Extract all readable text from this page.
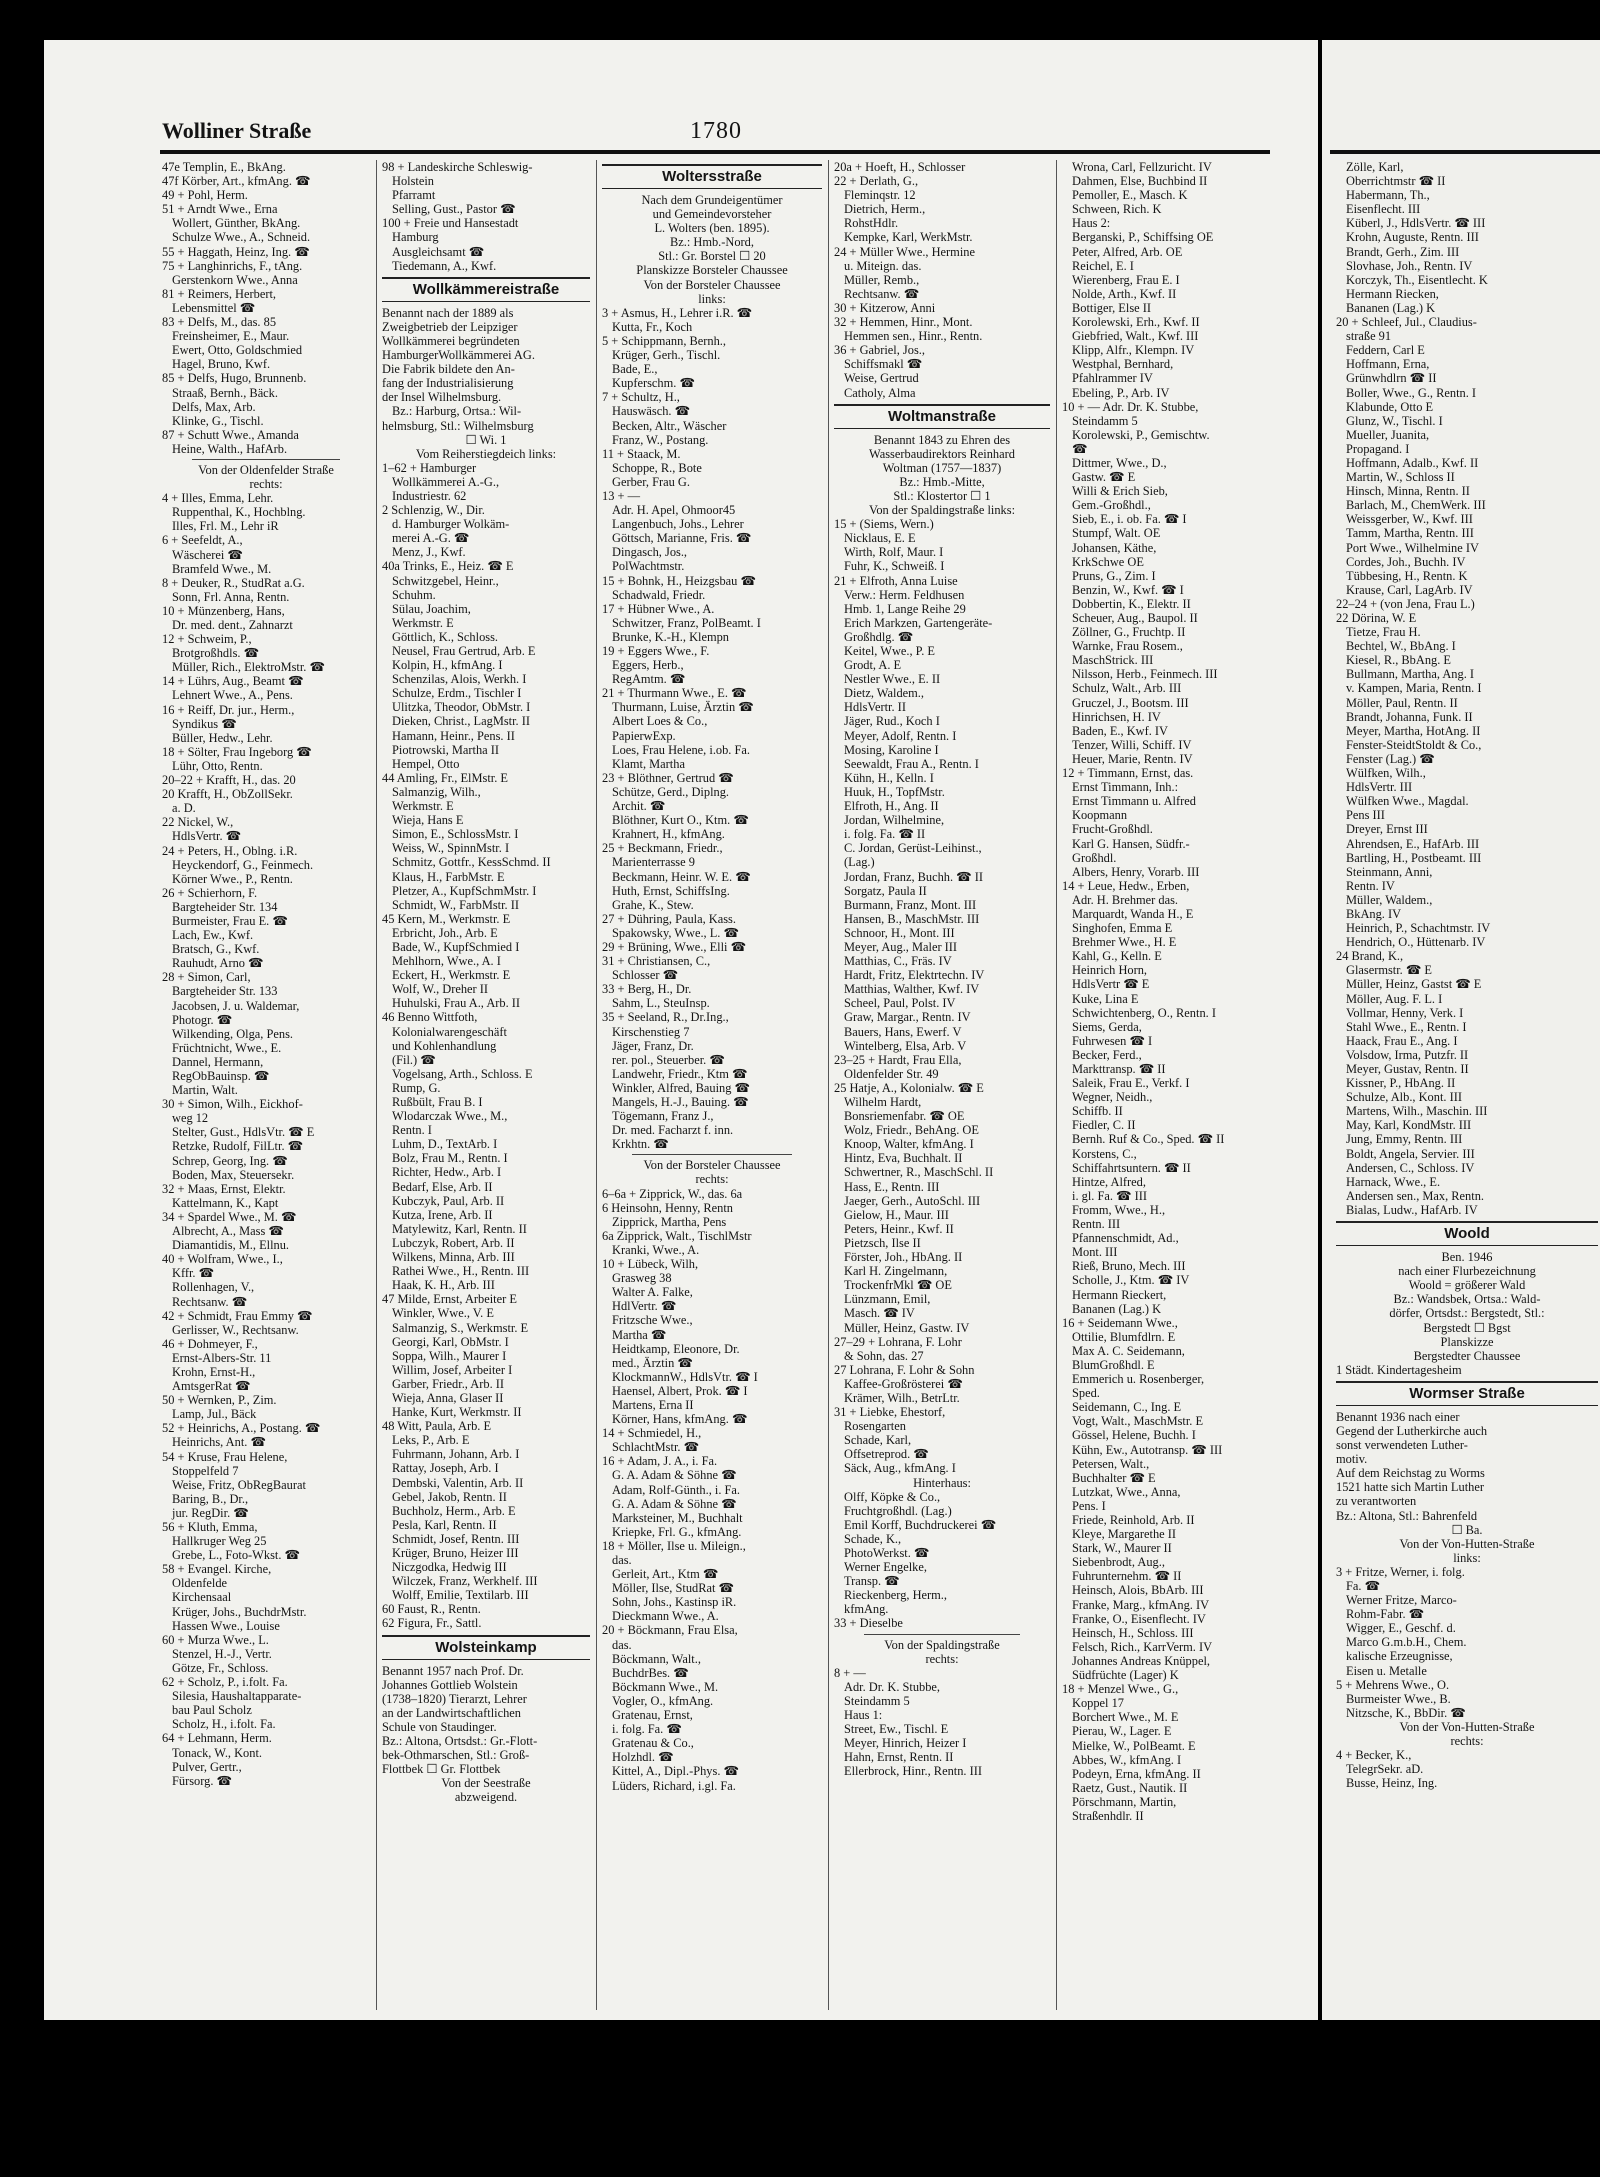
Wolliner Straße	1780
47e Templin, E., BkAng.
47f Körber, Art., kfmAng. ☎
49 + Pohl, Herm.
51 + Arndt Wwe., Erna
Wollert, Günther, BkAng.
Schulze Wwe., A., Schneid.
55 + Haggath, Heinz, Ing. ☎
75 + Langhinrichs, F., tAng.
Gerstenkorn Wwe., Anna
81 + Reimers, Herbert,
Lebensmittel ☎
83 + Delfs, M., das. 85
Freinsheimer, E., Maur.
Ewert, Otto, Goldschmied
Hagel, Bruno, Kwf.
85 + Delfs, Hugo, Brunnenb.
Straaß, Bernh., Bäck.
Delfs, Max, Arb.
Klinke, G., Tischl.
87 + Schutt Wwe., Amanda
Heine, Walth., HafArb.
Von der Oldenfelder Straße
rechts:
4 + Illes, Emma, Lehr.
Ruppenthal, K., Hochblng.
Illes, Frl. M., Lehr iR
6 + Seefeldt, A.,
Wäscherei ☎
Bramfeld Wwe., M.
8 + Deuker, R., StudRat a.G.
Sonn, Frl. Anna, Rentn.
10 + Münzenberg, Hans,
Dr. med. dent., Zahnarzt
12 + Schweim, P.,
Brotgroßhdls. ☎
Müller, Rich., ElektroMstr. ☎
14 + Lührs, Aug., Beamt ☎
Lehnert Wwe., A., Pens.
16 + Reiff, Dr. jur., Herm.,
Syndikus ☎
Büller, Hedw., Lehr.
18 + Sölter, Frau Ingeborg ☎
Lühr, Otto, Rentn.
20–22 + Krafft, H., das. 20
20 Krafft, H., ObZollSekr.
a. D.
22 Nickel, W.,
HdlsVertr. ☎
24 + Peters, H., Oblng. i.R.
Heyckendorf, G., Feinmech.
Körner Wwe., P., Rentn.
26 + Schierhorn, F.
Bargteheider Str. 134
Burmeister, Frau E. ☎
Lach, Ew., Kwf.
Bratsch, G., Kwf.
Rauhudt, Arno ☎
28 + Simon, Carl,
Bargteheider Str. 133
Jacobsen, J. u. Waldemar,
Photogr. ☎
Wilkending, Olga, Pens.
Früchtnicht, Wwe., E.
Dannel, Hermann,
RegObBauinsp. ☎
Martin, Walt.
30 + Simon, Wilh., Eickhof-
weg 12
Stelter, Gust., HdlsVtr. ☎ E
Retzke, Rudolf, FilLtr. ☎
Schrep, Georg, Ing. ☎
Boden, Max, Steuersekr.
32 + Maas, Ernst, Elektr.
Kattelmann, K., Kapt
34 + Spardel Wwe., M. ☎
Albrecht, A., Mass ☎
Diamantidis, M., Ellnu.
40 + Wolfram, Wwe., I.,
Kffr. ☎
Rollenhagen, V.,
Rechtsanw. ☎
42 + Schmidt, Frau Emmy ☎
Gerlisser, W., Rechtsanw.
46 + Dohmeyer, F.,
Ernst-Albers-Str. 11
Krohn, Ernst-H.,
AmtsgerRat ☎
50 + Wernken, P., Zim.
Lamp, Jul., Bäck
52 + Heinrichs, A., Postang. ☎
Heinrichs, Ant. ☎
54 + Kruse, Frau Helene,
Stoppelfeld 7
Weise, Fritz, ObRegBaurat
Baring, B., Dr.,
jur. RegDir. ☎
56 + Kluth, Emma,
Hallkruger Weg 25
Grebe, L., Foto-Wkst. ☎
58 + Evangel. Kirche,
Oldenfelde
Kirchensaal
Krüger, Johs., BuchdrMstr.
Hassen Wwe., Louise
60 + Murza Wwe., L.
Stenzel, H.-J., Vertr.
Götze, Fr., Schloss.
62 + Scholz, P., i.folt. Fa.
Silesia, Haushaltapparate-
bau Paul Scholz
Scholz, H., i.folt. Fa.
64 + Lehmann, Herm.
Tonack, W., Kont.
Pulver, Gertr.,
Fürsorg. ☎
98 + Landeskirche Schleswig-
Holstein
Pfarramt
Selling, Gust., Pastor ☎
100 + Freie und Hansestadt
Hamburg
Ausgleichsamt ☎
Tiedemann, A., Kwf.
Wollkämmereistraße
Benannt nach der 1889 als
Zweigbetrieb der Leipziger
Wollkämmerei begründeten
HamburgerWollkämmerei AG.
Die Fabrik bildete den An-
fang der Industrialisierung
der Insel Wilhelmsburg.
Bz.: Harburg, Ortsa.: Wil-
helmsburg, Stl.: Wilhelmsburg
☐ Wi. 1
Vom Reiherstiegdeich links:
1–62 + Hamburger
Wollkämmerei A.-G.,
Industriestr. 62
2 Schlenzig, W., Dir.
d. Hamburger Wolkäm-
merei A.-G. ☎
Menz, J., Kwf.
40a Trinks, E., Heiz. ☎ E
Schwitzgebel, Heinr.,
Schuhm.
Sülau, Joachim,
Werkmstr. E
Göttlich, K., Schloss.
Neusel, Frau Gertrud, Arb. E
Kolpin, H., kfmAng. I
Schenzilas, Alois, Werkh. I
Schulze, Erdm., Tischler I
Ulitzka, Theodor, ObMstr. I
Dieken, Christ., LagMstr. II
Hamann, Heinr., Pens. II
Piotrowski, Martha II
Hempel, Otto
44 Amling, Fr., ElMstr. E
Salmanzig, Wilh.,
Werkmstr. E
Wieja, Hans E
Simon, E., SchlossMstr. I
Weiss, W., SpinnMstr. I
Schmitz, Gottfr., KessSchmd. II
Klaus, H., FarbMstr. E
Pletzer, A., KupfSchmMstr. I
Schmidt, W., FarbMstr. II
45 Kern, M., Werkmstr. E
Erbricht, Joh., Arb. E
Bade, W., KupfSchmied I
Mehlhorn, Wwe., A. I
Eckert, H., Werkmstr. E
Wolf, W., Dreher II
Huhulski, Frau A., Arb. II
46 Benno Wittfoth,
Kolonialwarengeschäft
und Kohlenhandlung
(Fil.) ☎
Vogelsang, Arth., Schloss. E
Rump, G.
Rußbült, Frau B. I
Wlodarczak Wwe., M.,
Rentn. I
Luhm, D., TextArb. I
Bolz, Frau M., Rentn. I
Richter, Hedw., Arb. I
Bedarf, Else, Arb. II
Kubczyk, Paul, Arb. II
Kutza, Irene, Arb. II
Matylewitz, Karl, Rentn. II
Lubczyk, Robert, Arb. II
Wilkens, Minna, Arb. III
Rathei Wwe., H., Rentn. III
Haak, K. H., Arb. III
47 Milde, Ernst, Arbeiter E
Winkler, Wwe., V. E
Salmanzig, S., Werkmstr. E
Georgi, Karl, ObMstr. I
Soppa, Wilh., Maurer I
Willim, Josef, Arbeiter I
Garber, Friedr., Arb. II
Wieja, Anna, Glaser II
Hanke, Kurt, Werkmstr. II
48 Witt, Paula, Arb. E
Leks, P., Arb. E
Fuhrmann, Johann, Arb. I
Rattay, Joseph, Arb. I
Dembski, Valentin, Arb. II
Gebel, Jakob, Rentn. II
Buchholz, Herm., Arb. E
Pesla, Karl, Rentn. II
Schmidt, Josef, Rentn. III
Krüger, Bruno, Heizer III
Niczgodka, Hedwig III
Wilczek, Franz, Werkhelf. III
Wolff, Emilie, Textilarb. III
60 Faust, R., Rentn.
62 Figura, Fr., Sattl.
Wolsteinkamp
Benannt 1957 nach Prof. Dr.
Johannes Gottlieb Wolstein
(1738–1820) Tierarzt, Lehrer
an der Landwirtschaftlichen
Schule von Staudinger.
Bz.: Altona, Ortsdst.: Gr.-Flott-
bek-Othmarschen, Stl.: Groß-
Flottbek ☐ Gr. Flottbek
Von der Seestraße
abzweigend.
Woltersstraße
Nach dem Grundeigentümer
und Gemeindevorsteher
L. Wolters (ben. 1895).
Bz.: Hmb.-Nord,
Stl.: Gr. Borstel ☐ 20
Planskizze Borsteler Chaussee
Von der Borsteler Chaussee
links:
3 + Asmus, H., Lehrer i.R. ☎
Kutta, Fr., Koch
5 + Schippmann, Bernh.,
Krüger, Gerh., Tischl.
Bade, E.,
Kupferschm. ☎
7 + Schultz, H.,
Hauswäsch. ☎
Becken, Altr., Wäscher
Franz, W., Postang.
11 + Staack, M.
Schoppe, R., Bote
Gerber, Frau G.
13 + —
Adr. H. Apel, Ohmoor45
Langenbuch, Johs., Lehrer
Göttsch, Marianne, Fris. ☎
Dingasch, Jos.,
PolWachtmstr.
15 + Bohnk, H., Heizgsbau ☎
Schadwald, Friedr.
17 + Hübner Wwe., A.
Schwitzer, Franz, PolBeamt. I
Brunke, K.-H., Klempn
19 + Eggers Wwe., F.
Eggers, Herb.,
RegAmtm. ☎
21 + Thurmann Wwe., E. ☎
Thurmann, Luise, Ärztin ☎
Albert Loes & Co.,
PapierwExp.
Loes, Frau Helene, i.ob. Fa.
Klamt, Martha
23 + Blöthner, Gertrud ☎
Schütze, Gerd., Diplng.
Archit. ☎
Blöthner, Kurt O., Ktm. ☎
Krahnert, H., kfmAng.
25 + Beckmann, Friedr.,
Marienterrasse 9
Beckmann, Heinr. W. E. ☎
Huth, Ernst, SchiffsIng.
Grahe, K., Stew.
27 + Dühring, Paula, Kass.
Spakowsky, Wwe., L. ☎
29 + Brüning, Wwe., Elli ☎
31 + Christiansen, C.,
Schlosser ☎
33 + Berg, H., Dr.
Sahm, L., SteuInsp.
35 + Seeland, R., Dr.Ing.,
Kirschenstieg 7
Jäger, Franz, Dr.
rer. pol., Steuerber. ☎
Landwehr, Friedr., Ktm ☎
Winkler, Alfred, Bauing ☎
Mangels, H.-J., Bauing. ☎
Tögemann, Franz J.,
Dr. med. Facharzt f. inn.
Krkhtn. ☎
Von der Borsteler Chaussee
rechts:
6–6a + Zipprick, W., das. 6a
6 Heinsohn, Henny, Rentn
Zipprick, Martha, Pens
6a Zipprick, Walt., TischlMstr
Kranki, Wwe., A.
10 + Lübeck, Wilh,
Grasweg 38
Walter A. Falke,
HdlVertr. ☎
Fritzsche Wwe.,
Martha ☎
Heidtkamp, Eleonore, Dr.
med., Ärztin ☎
KlockmannW., HdlsVtr. ☎ I
Haensel, Albert, Prok. ☎ I
Martens, Erna II
Körner, Hans, kfmAng. ☎
14 + Schmiedel, H.,
SchlachtMstr. ☎
16 + Adam, J. A., i. Fa.
G. A. Adam & Söhne ☎
Adam, Rolf-Günth., i. Fa.
G. A. Adam & Söhne ☎
Marksteiner, M., Buchhalt
Kriepke, Frl. G., kfmAng.
18 + Möller, Ilse u. Mileign.,
das.
Gerleit, Art., Ktm ☎
Möller, Ilse, StudRat ☎
Sohn, Johs., Kastinsp iR.
Dieckmann Wwe., A.
20 + Böckmann, Frau Elsa,
das.
Böckmann, Walt.,
BuchdrBes. ☎
Böckmann Wwe., M.
Vogler, O., kfmAng.
Gratenau, Ernst,
i. folg. Fa. ☎
Gratenau & Co.,
Holzhdl. ☎
Kittel, A., Dipl.-Phys. ☎
Lüders, Richard, i.gl. Fa.
20a + Hoeft, H., Schlosser
22 + Derlath, G.,
Fleminqstr. 12
Dietrich, Herm.,
RohstHdlr.
Kempke, Karl, WerkMstr.
24 + Müller Wwe., Hermine
u. Miteign. das.
Müller, Remb.,
Rechtsanw. ☎
30 + Kitzerow, Anni
32 + Hemmen, Hinr., Mont.
Hemmen sen., Hinr., Rentn.
36 + Gabriel, Jos.,
Schiffsmakl ☎
Weise, Gertrud
Catholy, Alma
Woltmanstraße
Benannt 1843 zu Ehren des
Wasserbaudirektors Reinhard
Woltman (1757—1837)
Bz.: Hmb.-Mitte,
Stl.: Klostertor ☐ 1
Von der Spaldingstraße links:
15 + (Siems, Wern.)
Nicklaus, E. E
Wirth, Rolf, Maur. I
Fuhr, K., Schweiß. I
21 + Elfroth, Anna Luise
Verw.: Herm. Feldhusen
Hmb. 1, Lange Reihe 29
Erich Markzen, Gartengeräte-
Großhdlg. ☎
Keitel, Wwe., P. E
Grodt, A. E
Nestler Wwe., E. II
Dietz, Waldem.,
HdlsVertr. II
Jäger, Rud., Koch I
Meyer, Adolf, Rentn. I
Mosing, Karoline I
Seewaldt, Frau A., Rentn. I
Kühn, H., Kelln. I
Huuk, H., TopfMstr.
Elfroth, H., Ang. II
Jordan, Wilhelmine,
i. folg. Fa. ☎ II
C. Jordan, Gerüst-Leihinst.,
(Lag.)
Jordan, Franz, Buchh. ☎ II
Sorgatz, Paula II
Burmann, Franz, Mont. III
Hansen, B., MaschMstr. III
Schnoor, H., Mont. III
Meyer, Aug., Maler III
Matthias, C., Fräs. IV
Hardt, Fritz, Elektrtechn. IV
Matthias, Walther, Kwf. IV
Scheel, Paul, Polst. IV
Graw, Margar., Rentn. IV
Bauers, Hans, Ewerf. V
Wintelberg, Elsa, Arb. V
23–25 + Hardt, Frau Ella,
Oldenfelder Str. 49
25 Hatje, A., Kolonialw. ☎ E
Wilhelm Hardt,
Bonsriemenfabr. ☎ OE
Wolz, Friedr., BehAng. OE
Knoop, Walter, kfmAng. I
Hintz, Eva, Buchhalt. II
Schwertner, R., MaschSchl. II
Hass, E., Rentn. III
Jaeger, Gerh., AutoSchl. III
Gielow, H., Maur. III
Peters, Heinr., Kwf. II
Pietzsch, Ilse II
Förster, Joh., HbAng. II
Karl H. Zingelmann,
TrockenfrMkl ☎ OE
Lünzmann, Emil,
Masch. ☎ IV
Müller, Heinz, Gastw. IV
27–29 + Lohrana, F. Lohr
& Sohn, das. 27
27 Lohrana, F. Lohr & Sohn
Kaffee-Großrösterei ☎
Krämer, Wilh., BetrLtr.
31 + Liebke, Ehestorf,
Rosengarten
Schade, Karl,
Offsetreprod. ☎
Säck, Aug., kfmAng. I
Hinterhaus:
Olff, Köpke & Co.,
Fruchtgroßhdl. (Lag.)
Emil Korff, Buchdruckerei ☎
Schade, K.,
PhotoWerkst. ☎
Werner Engelke,
Transp. ☎
Rieckenberg, Herm.,
kfmAng.
33 + Dieselbe
Von der Spaldingstraße
rechts:
8 + —
Adr. Dr. K. Stubbe,
Steindamm 5
Haus 1:
Street, Ew., Tischl. E
Meyer, Hinrich, Heizer I
Hahn, Ernst, Rentn. II
Ellerbrock, Hinr., Rentn. III
Wrona, Carl, Fellzuricht. IV
Dahmen, Else, Buchbind II
Pemoller, E., Masch. K
Schween, Rich. K
Haus 2:
Berganski, P., Schiffsing OE
Peter, Alfred, Arb. OE
Reichel, E. I
Wierenberg, Frau E. I
Nolde, Arth., Kwf. II
Bottiger, Else II
Korolewski, Erh., Kwf. II
Giebfried, Walt., Kwf. III
Klipp, Alfr., Klempn. IV
Westphal, Bernhard,
Pfahlrammer IV
Ebeling, P., Arb. IV
10 + — Adr. Dr. K. Stubbe,
Steindamm 5
Korolewski, P., Gemischtw.
☎
Dittmer, Wwe., D.,
Gastw. ☎ E
Willi & Erich Sieb,
Gem.-Großhdl.,
Sieb, E., i. ob. Fa. ☎ I
Stumpf, Walt. OE
Johansen, Käthe,
KrkSchwe OE
Pruns, G., Zim. I
Benzin, W., Kwf. ☎ I
Dobbertin, K., Elektr. II
Scheuer, Aug., Baupol. II
Zöllner, G., Fruchtp. II
Warnke, Frau Rosem.,
MaschStrick. III
Nilsson, Herb., Feinmech. III
Schulz, Walt., Arb. III
Gruczel, J., Bootsm. III
Hinrichsen, H. IV
Baden, E., Kwf. IV
Tenzer, Willi, Schiff. IV
Heuer, Marie, Rentn. IV
12 + Timmann, Ernst, das.
Ernst Timmann, Inh.:
Ernst Timmann u. Alfred
Koopmann
Frucht-Großhdl.
Karl G. Hansen, Südfr.-
Großhdl.
Albers, Henry, Vorarb. III
14 + Leue, Hedw., Erben,
Adr. H. Brehmer das.
Marquardt, Wanda H., E
Singhofen, Emma E
Brehmer Wwe., H. E
Kahl, G., Kelln. E
Heinrich Horn,
HdlsVertr ☎ E
Kuke, Lina E
Schwichtenberg, O., Rentn. I
Siems, Gerda,
Fuhrwesen ☎ I
Becker, Ferd.,
Markttransp. ☎ II
Saleik, Frau E., Verkf. I
Wegner, Neidh.,
Schiffb. II
Fiedler, C. II
Bernh. Ruf & Co., Sped. ☎ II
Korstens, C.,
Schiffahrtsuntern. ☎ II
Hintze, Alfred,
i. gl. Fa. ☎ III
Fromm, Wwe., H.,
Rentn. III
Pfannenschmidt, Ad.,
Mont. III
Rieß, Bruno, Mech. III
Scholle, J., Ktm. ☎ IV
Hermann Rieckert,
Bananen (Lag.) K
16 + Seidemann Wwe.,
Ottilie, Blumfdlrn. E
Max A. C. Seidemann,
BlumGroßhdl. E
Emmerich u. Rosenberger,
Sped.
Seidemann, C., Ing. E
Vogt, Walt., MaschMstr. E
Gössel, Helene, Buchh. I
Kühn, Ew., Autotransp. ☎ III
Petersen, Walt.,
Buchhalter ☎ E
Lutzkat, Wwe., Anna,
Pens. I
Friede, Reinhold, Arb. II
Kleye, Margarethe II
Stark, W., Maurer II
Siebenbrodt, Aug.,
Fuhrunternehm. ☎ II
Heinsch, Alois, BbArb. III
Franke, Marg., kfmAng. IV
Franke, O., Eisenflecht. IV
Heinsch, H., Schloss. III
Felsch, Rich., KarrVerm. IV
Johannes Andreas Knüppel,
Südfrüchte (Lager) K
18 + Menzel Wwe., G.,
Koppel 17
Borchert Wwe., M. E
Pierau, W., Lager. E
Mielke, W., PolBeamt. E
Abbes, W., kfmAng. I
Podeyn, Erna, kfmAng. II
Raetz, Gust., Nautik. II
Pörschmann, Martin,
Straßenhdlr. II
Zölle, Karl,
Oberrichtmstr ☎ II
Habermann, Th.,
Eisenflecht. III
Küberl, J., HdlsVertr. ☎ III
Krohn, Auguste, Rentn. III
Brandt, Gerh., Zim. III
Slovhase, Joh., Rentn. IV
Korczyk, Th., Eisentlecht. K
Hermann Riecken,
Bananen (Lag.) K
20 + Schleef, Jul., Claudius-
straße 91
Feddern, Carl E
Hoffmann, Erna,
Grünwhdlrn ☎ II
Boller, Wwe., G., Rentn. I
Klabunde, Otto E
Glunz, W., Tischl. I
Mueller, Juanita,
Propagand. I
Hoffmann, Adalb., Kwf. II
Martin, W., Schloss II
Hinsch, Minna, Rentn. II
Barlach, M., ChemWerk. III
Weissgerber, W., Kwf. III
Tamm, Martha, Rentn. III
Port Wwe., Wilhelmine IV
Cordes, Joh., Buchh. IV
Tübbesing, H., Rentn. K
Krause, Carl, LagArb. IV
22–24 + (von Jena, Frau L.)
22 Dörina, W. E
Tietze, Frau H.
Bechtel, W., BbAng. I
Kiesel, R., BbAng. E
Bullmann, Martha, Ang. I
v. Kampen, Maria, Rentn. I
Möller, Paul, Rentn. II
Brandt, Johanna, Funk. II
Meyer, Martha, HotAng. II
Fenster-SteidtStoldt & Co.,
Fenster (Lag.) ☎
Wülfken, Wilh.,
HdlsVertr. III
Wülfken Wwe., Magdal.
Pens III
Dreyer, Ernst III
Ahrendsen, E., HafArb. III
Bartling, H., Postbeamt. III
Steinmann, Anni,
Rentn. IV
Müller, Waldem.,
BkAng. IV
Heinrich, P., Schachtmstr. IV
Hendrich, O., Hüttenarb. IV
24 Brand, K.,
Glasermstr. ☎ E
Müller, Heinz, Gastst ☎ E
Möller, Aug. F. L. I
Vollmar, Henny, Verk. I
Stahl Wwe., E., Rentn. I
Haack, Frau E., Ang. I
Volsdow, Irma, Putzfr. II
Meyer, Gustav, Rentn. II
Kissner, P., HbAng. II
Schulze, Alb., Kont. III
Martens, Wilh., Maschin. III
May, Karl, KondMstr. III
Jung, Emmy, Rentn. III
Boldt, Angela, Servier. III
Andersen, C., Schloss. IV
Harnack, Wwe., E.
Andersen sen., Max, Rentn.
Bialas, Ludw., HafArb. IV
Woold
Ben. 1946
nach einer Flurbezeichnung
Woold = größerer Wald
Bz.: Wandsbek, Ortsa.: Wald-
dörfer, Ortsdst.: Bergstedt, Stl.:
Bergstedt ☐ Bgst
Planskizze
Bergstedter Chaussee
1 Städt. Kindertagesheim
Wormser Straße
Benannt 1936 nach einer
Gegend der Lutherkirche auch
sonst verwendeten Luther-
motiv.
Auf dem Reichstag zu Worms
1521 hatte sich Martin Luther
zu verantworten
Bz.: Altona, Stl.: Bahrenfeld
☐ Ba.
Von der Von-Hutten-Straße
links:
3 + Fritze, Werner, i. folg.
Fa. ☎
Werner Fritze, Marco-
Rohm-Fabr. ☎
Wigger, E., Geschf. d.
Marco G.m.b.H., Chem.
kalische Erzeugnisse,
Eisen u. Metalle
5 + Mehrens Wwe., O.
Burmeister Wwe., B.
Nitzsche, K., BbDir. ☎
Von der Von-Hutten-Straße
rechts:
4 + Becker, K.,
TelegrSekr. aD.
Busse, Heinz, Ing.
